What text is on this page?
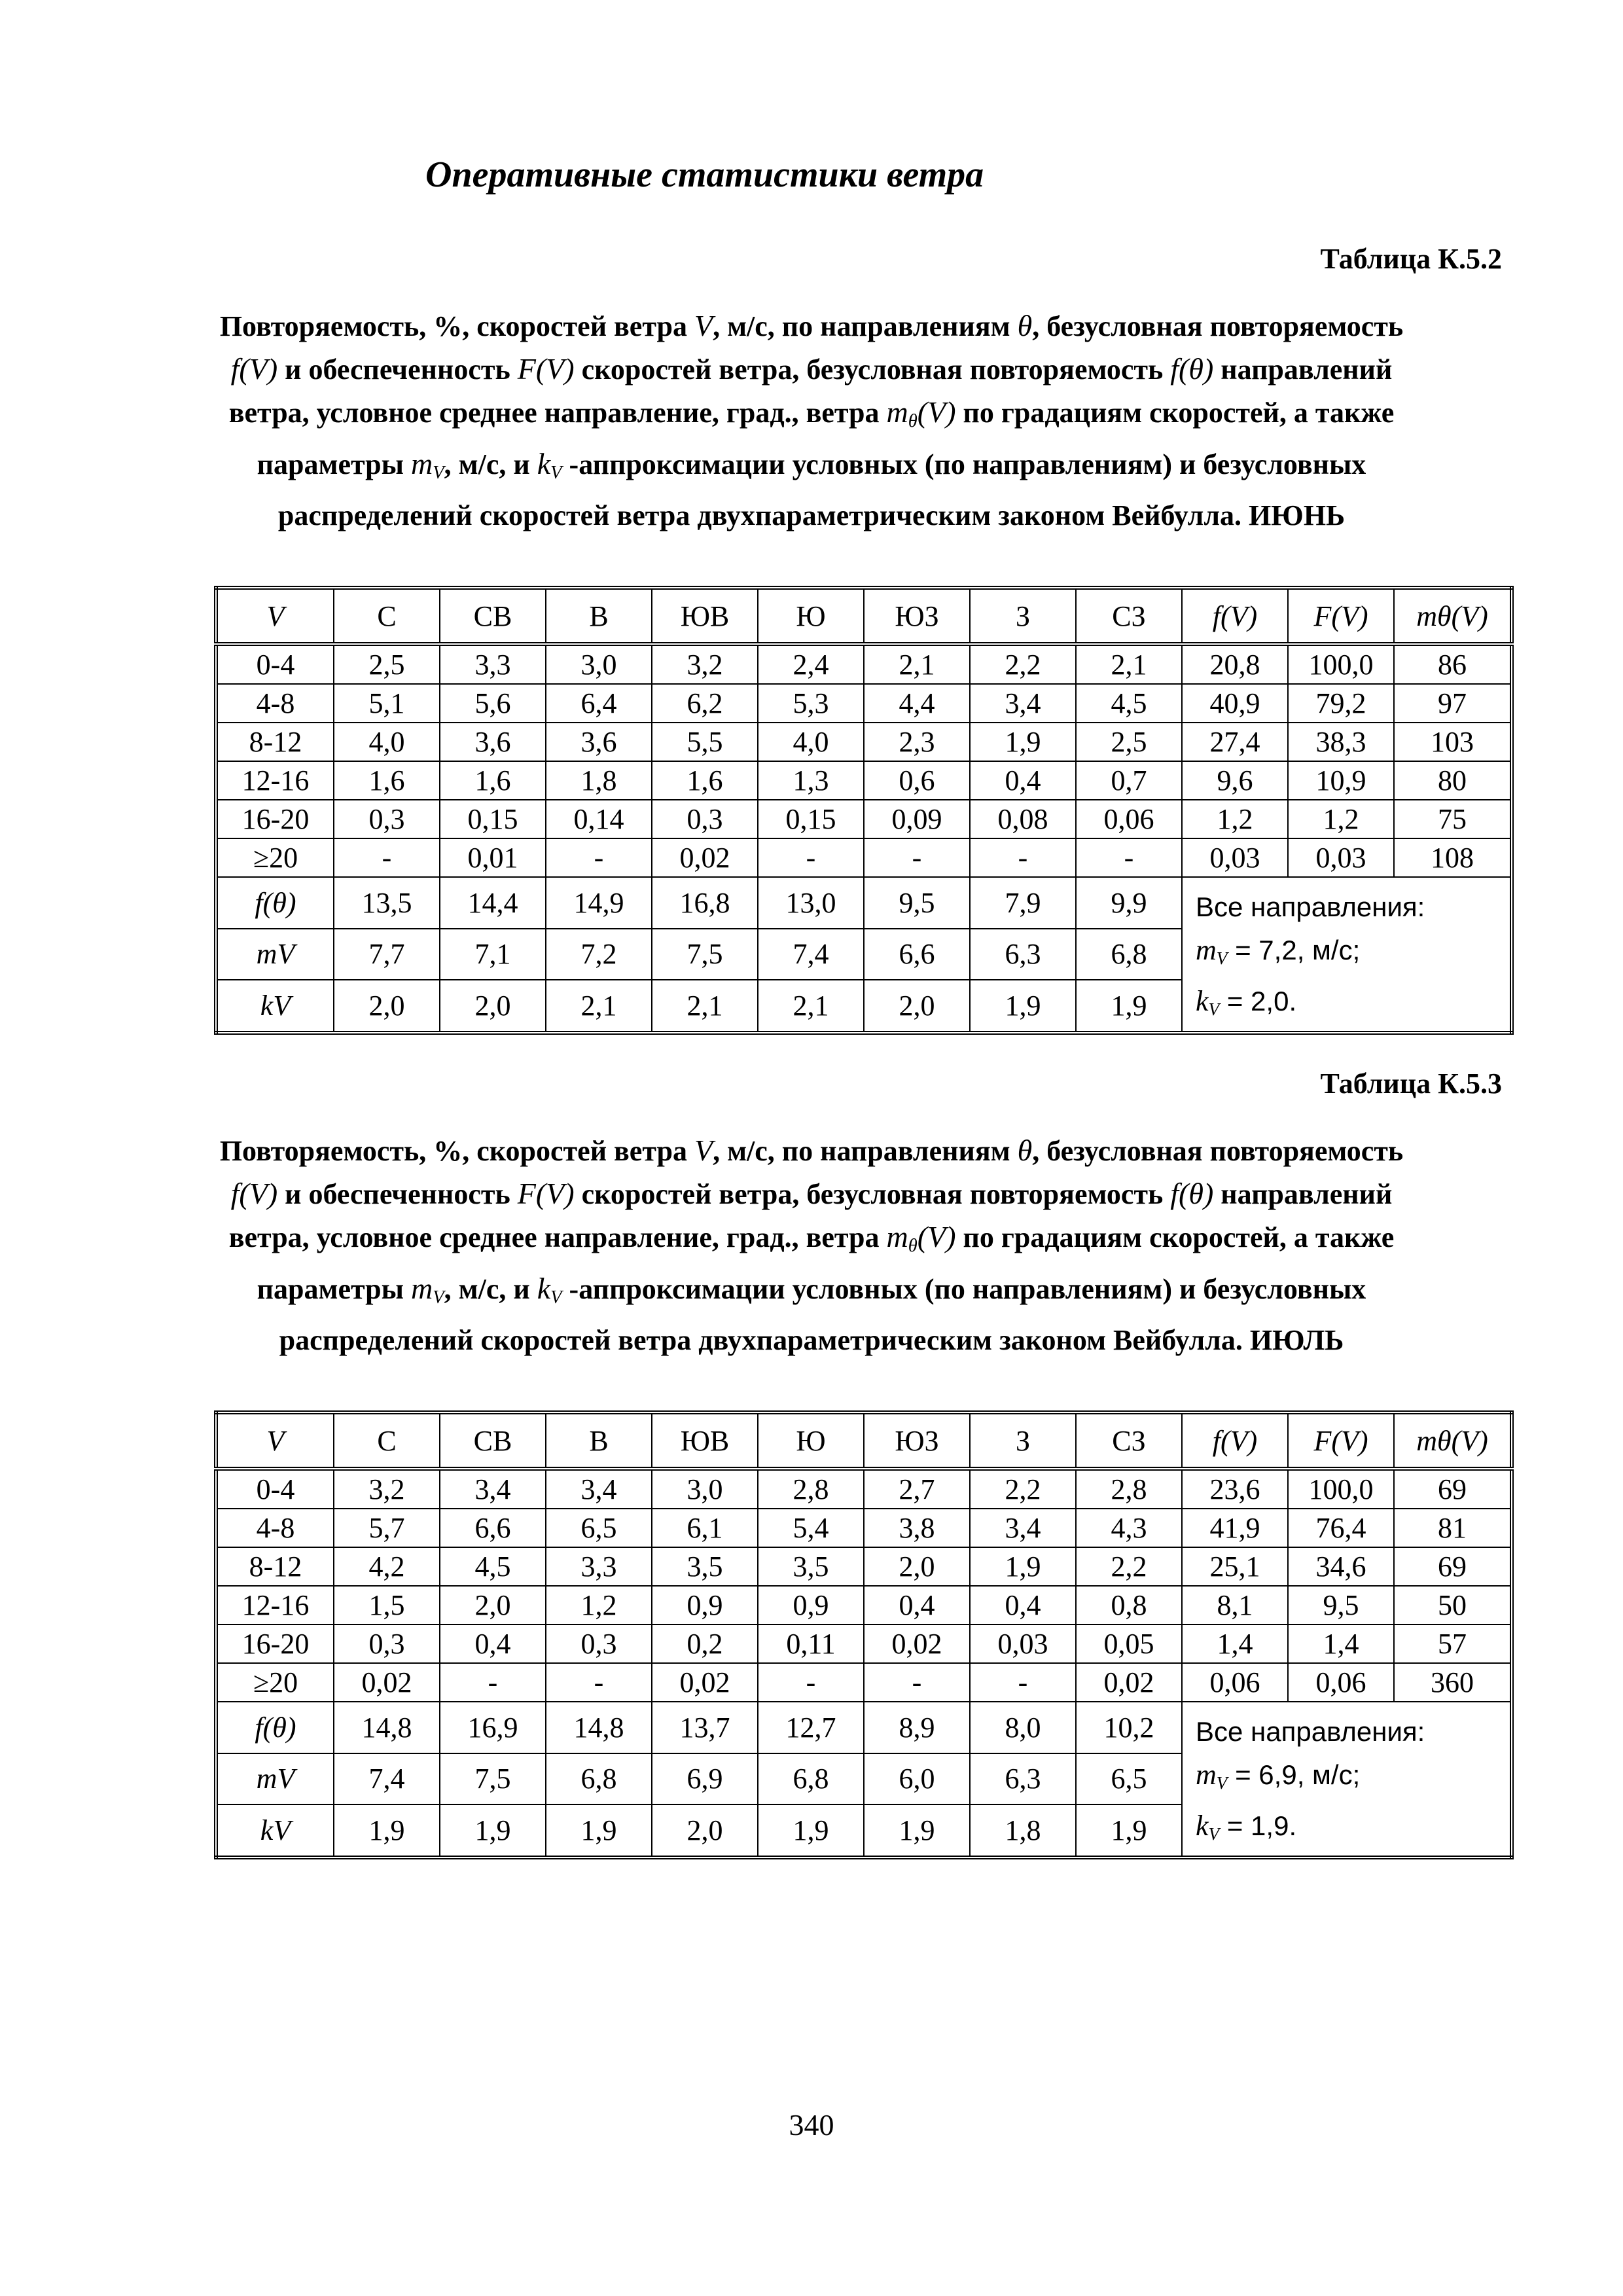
Оперативные статистики ветра
Таблица К.5.2
Повторяемость, %, скоростей ветра V, м/с, по направлениям θ, безусловная повторяемость f(V) и обеспеченность F(V) скоростей ветра, безусловная повторяемость f(θ) направлений ветра, условное среднее направление, град., ветра $m_\theta(V)$ по градациям скоростей, а также параметры $m_V$, м/с, и $k_V$ -аппроксимации условных (по направлениям) и безусловных распределений скоростей ветра двухпараметрическим законом Вейбулла. ИЮНЬ
V	С	СВ	В	ЮВ	Ю	ЮЗ	З	СЗ	f(V)	F(V)	mθ(V)
0-4	2,5	3,3	3,0	3,2	2,4	2,1	2,2	2,1	20,8	100,0	86
4-8	5,1	5,6	6,4	6,2	5,3	4,4	3,4	4,5	40,9	79,2	97
8-12	4,0	3,6	3,6	5,5	4,0	2,3	1,9	2,5	27,4	38,3	103
12-16	1,6	1,6	1,8	1,6	1,3	0,6	0,4	0,7	9,6	10,9	80
16-20	0,3	0,15	0,14	0,3	0,15	0,09	0,08	0,06	1,2	1,2	75
≥20	-	0,01	-	0,02	-	-	-	-	0,03	0,03	108
f(θ)	13,5	14,4	14,9	16,8	13,0	9,5	7,9	9,9	Все направления:
$m_V = 7,2$, м/с;
$k_V = 2,0$.		

mV	7,7	7,1	7,2	7,5	7,4	6,6	6,3	6,8			
kV	2,0	2,0	2,1	2,1	2,1	2,0	1,9	1,9			
Таблица К.5.3
Повторяемость, %, скоростей ветра V, м/с, по направлениям θ, безусловная повторяемость f(V) и обеспеченность F(V) скоростей ветра, безусловная повторяемость f(θ) направлений ветра, условное среднее направление, град., ветра $m_\theta(V)$ по градациям скоростей, а также параметры $m_V$, м/с, и $k_V$ -аппроксимации условных (по направлениям) и безусловных распределений скоростей ветра двухпараметрическим законом Вейбулла. ИЮЛЬ
V	С	СВ	В	ЮВ	Ю	ЮЗ	З	СЗ	f(V)	F(V)	mθ(V)
0-4	3,2	3,4	3,4	3,0	2,8	2,7	2,2	2,8	23,6	100,0	69
4-8	5,7	6,6	6,5	6,1	5,4	3,8	3,4	4,3	41,9	76,4	81
8-12	4,2	4,5	3,3	3,5	3,5	2,0	1,9	2,2	25,1	34,6	69
12-16	1,5	2,0	1,2	0,9	0,9	0,4	0,4	0,8	8,1	9,5	50
16-20	0,3	0,4	0,3	0,2	0,11	0,02	0,03	0,05	1,4	1,4	57
≥20	0,02	-	-	0,02	-	-	-	0,02	0,06	0,06	360
f(θ)	14,8	16,9	14,8	13,7	12,7	8,9	8,0	10,2	Все направления:
$m_V = 6,9$, м/с;
$k_V = 1,9$.		

mV	7,4	7,5	6,8	6,9	6,8	6,0	6,3	6,5			
kV	1,9	1,9	1,9	2,0	1,9	1,9	1,8	1,9			
340
